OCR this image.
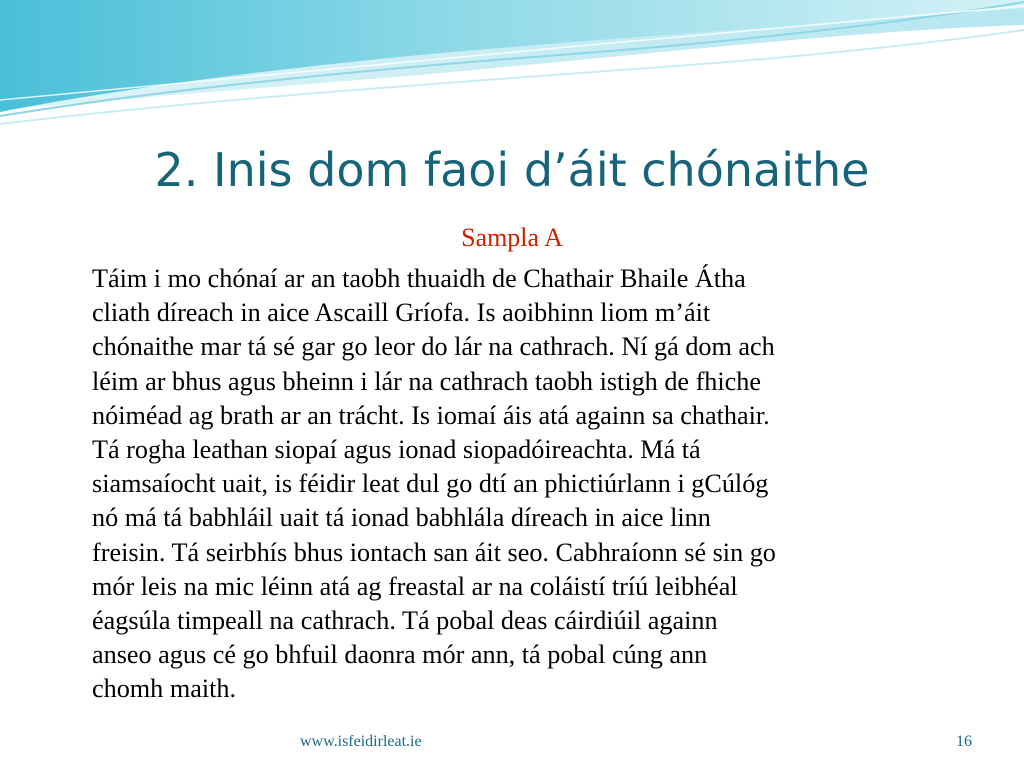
2. Inis dom faoi d’áit chónaithe
Sampla A
Táim i mo chónaí ar an taobh thuaidh de Chathair Bhaile Átha
cliath díreach in aice Ascaill Gríofa. Is aoibhinn liom m’áit
chónaithe mar tá sé gar go leor do lár na cathrach. Ní gá dom ach
léim ar bhus agus bheinn i lár na cathrach taobh istigh de fhiche
nóiméad ag brath ar an trácht. Is iomaí áis atá againn sa chathair.
Tá rogha leathan siopaí agus ionad siopadóireachta. Má tá
siamsaíocht uait, is féidir leat dul go dtí an phictiúrlann i gCúlóg
nó má tá babhláil uait tá ionad babhlála díreach in aice linn
freisin. Tá seirbhís bhus iontach san áit seo. Cabhraíonn sé sin go
mór leis na mic léinn atá ag freastal ar na coláistí tríú leibhéal
éagsúla timpeall na cathrach. Tá pobal deas cáirdiúil againn
anseo agus cé go bhfuil daonra mór ann, tá pobal cúng ann
chomh maith.
www.isfeidirleat.ie	16
